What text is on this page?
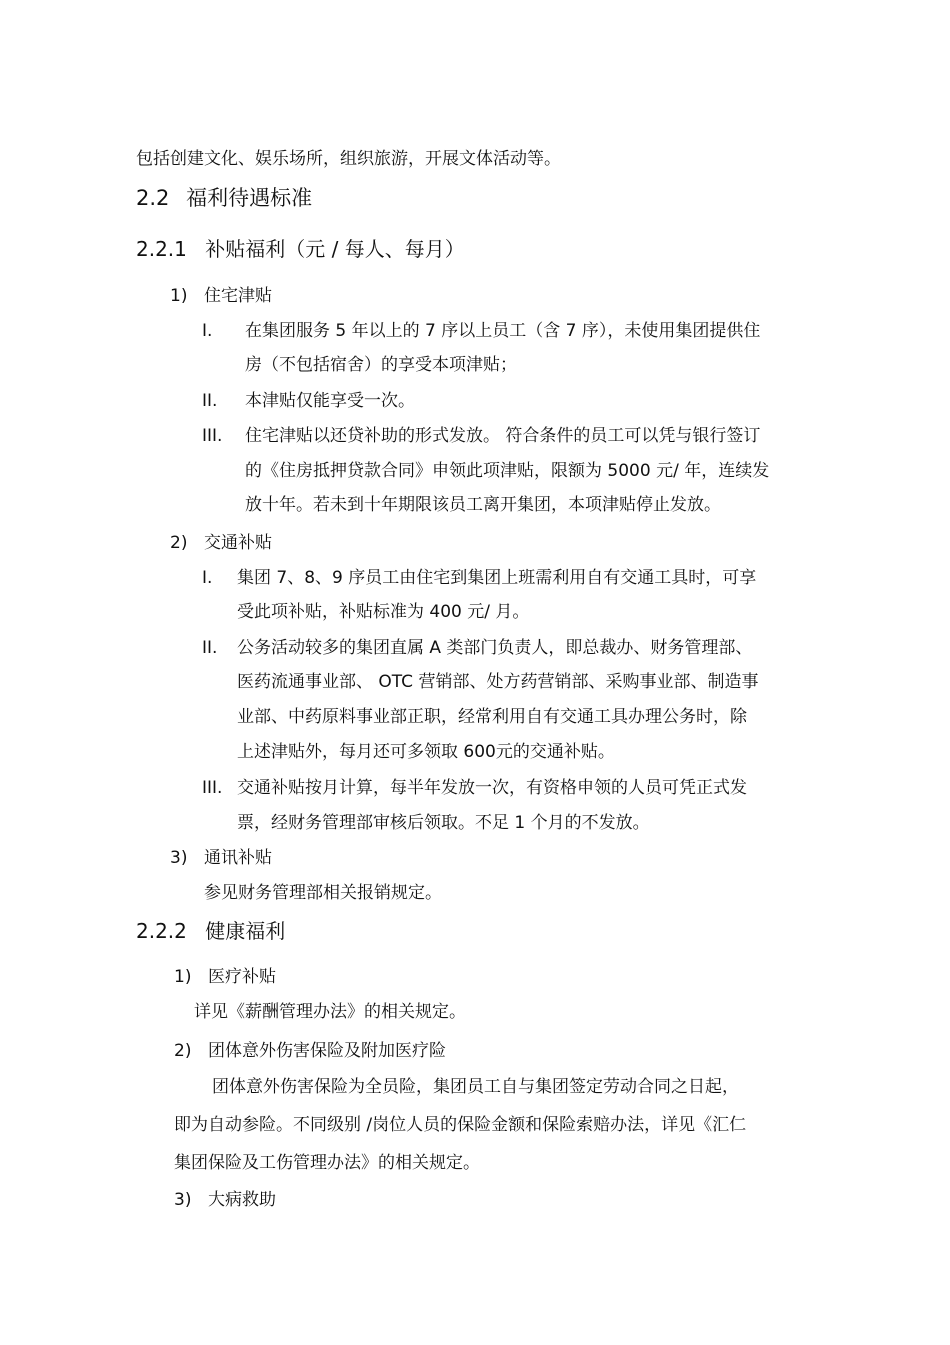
包括创建文化、娱乐场所，组织旅游，开展文体活动等。
2.2 福利待遇标准
2.2.1 补贴福利（元 / 每人、每月）
1) 住宅津贴
I. 在集团服务 5 年以上的 7 序以上员工（含 7 序），未使用集团提供住
房（不包括宿舍）的享受本项津贴；
II. 本津贴仅能享受一次。
III. 住宅津贴以还贷补助的形式发放。 符合条件的员工可以凭与银行签订
的《住房抵押贷款合同》申领此项津贴，限额为 5000 元/ 年，连续发
放十年。若未到十年期限该员工离开集团，本项津贴停止发放。
2) 交通补贴
I. 集团 7、8、9 序员工由住宅到集团上班需利用自有交通工具时，可享
受此项补贴，补贴标准为 400 元/ 月。
II. 公务活动较多的集团直属 A 类部门负责人，即总裁办、财务管理部、
医药流通事业部、 OTC 营销部、处方药营销部、采购事业部、制造事
业部、中药原料事业部正职，经常利用自有交通工具办理公务时，除
上述津贴外，每月还可多领取 600元的交通补贴。
III. 交通补贴按月计算，每半年发放一次，有资格申领的人员可凭正式发
票，经财务管理部审核后领取。不足 1 个月的不发放。
3) 通讯补贴
参见财务管理部相关报销规定。
2.2.2 健康福利
1) 医疗补贴
详见《薪酬管理办法》的相关规定。
2) 团体意外伤害保险及附加医疗险
团体意外伤害保险为全员险，集团员工自与集团签定劳动合同之日起，
即为自动参险。不同级别 /岗位人员的保险金额和保险索赔办法，详见《汇仁
集团保险及工伤管理办法》的相关规定。
3) 大病救助
